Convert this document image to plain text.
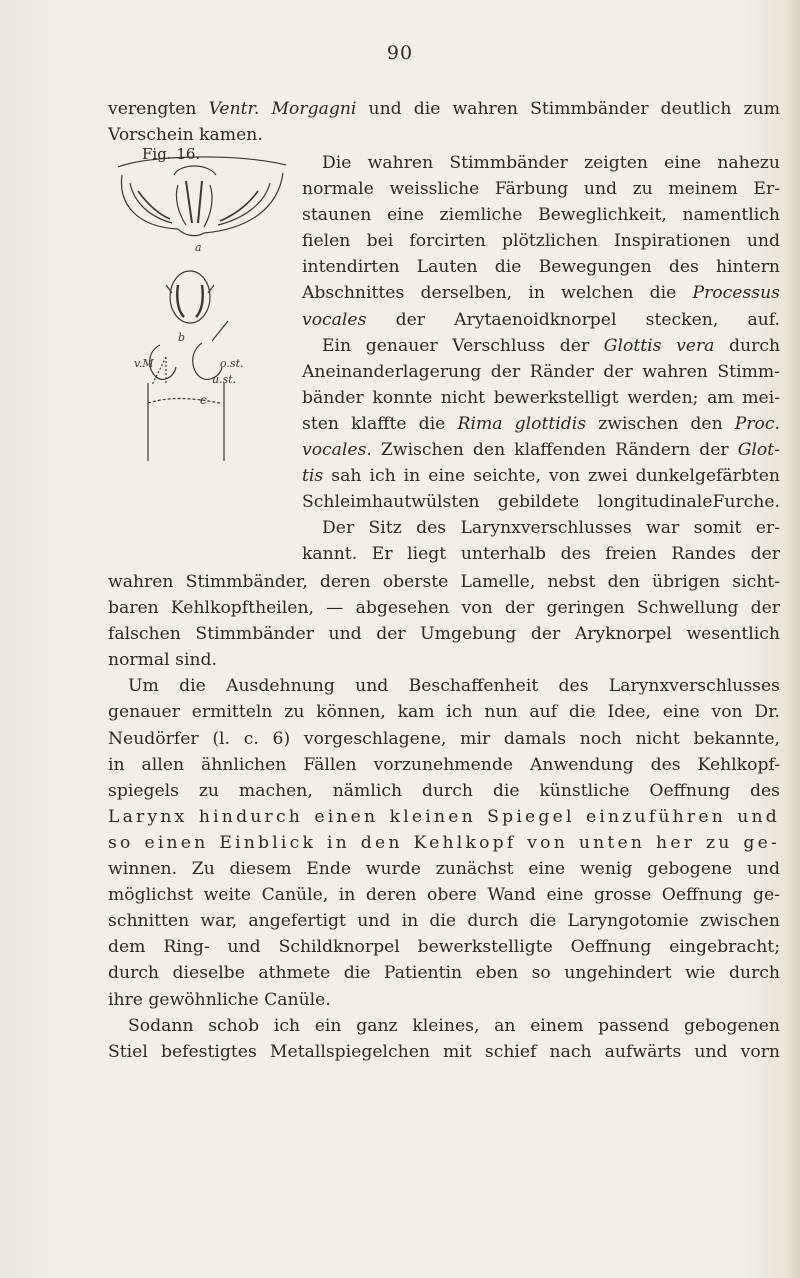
90
verengten Ventr. Morgagni und die wahren Stimmbänder deutlich zum
Vorschein kamen.
Fig. 16.
a
b
v.M	o.st.
u.st.
c
Die wahren Stimmbänder zeigten eine nahezu
normale weissliche Färbung und zu meinem Er-
staunen eine ziemliche Beweglichkeit, namentlich
fielen bei forcirten plötzlichen Inspirationen und
intendirten Lauten die Bewegungen des hintern
Abschnittes derselben, in welchen die Processus
vocales der Arytaenoidknorpel stecken, auf.
Ein genauer Verschluss der Glottis vera durch
Aneinanderlagerung der Ränder der wahren Stimm-
bänder konnte nicht bewerkstelligt werden; am mei-
sten klaffte die Rima glottidis zwischen den Proc.
vocales. Zwischen den klaffenden Rändern der Glot-
tis sah ich in eine seichte, von zwei dunkelgefärbten
Schleimhautwülsten gebildete longitudinaleFurche.
Der Sitz des Larynxverschlusses war somit er-
kannt. Er liegt unterhalb des freien Randes der
wahren Stimmbänder, deren oberste Lamelle, nebst den übrigen sicht-
baren Kehlkopftheilen, — abgesehen von der geringen Schwellung der
falschen Stimmbänder und der Umgebung der Aryknorpel wesentlich
normal sind.
Um die Ausdehnung und Beschaffenheit des Larynxverschlusses
genauer ermitteln zu können, kam ich nun auf die Idee, eine von Dr.
Neudörfer (l. c. 6) vorgeschlagene, mir damals noch nicht bekannte,
in allen ähnlichen Fällen vorzunehmende Anwendung des Kehlkopf-
spiegels zu machen, nämlich durch die künstliche Oeffnung des
Larynx hindurch einen kleinen Spiegel einzuführen und
so einen Einblick in den Kehlkopf von unten her zu ge-
winnen. Zu diesem Ende wurde zunächst eine wenig gebogene und
möglichst weite Canüle, in deren obere Wand eine grosse Oeffnung ge-
schnitten war, angefertigt und in die durch die Laryngotomie zwischen
dem Ring- und Schildknorpel bewerkstelligte Oeffnung eingebracht;
durch dieselbe athmete die Patientin eben so ungehindert wie durch
ihre gewöhnliche Canüle.
Sodann schob ich ein ganz kleines, an einem passend gebogenen
Stiel befestigtes Metallspiegelchen mit schief nach aufwärts und vorn
